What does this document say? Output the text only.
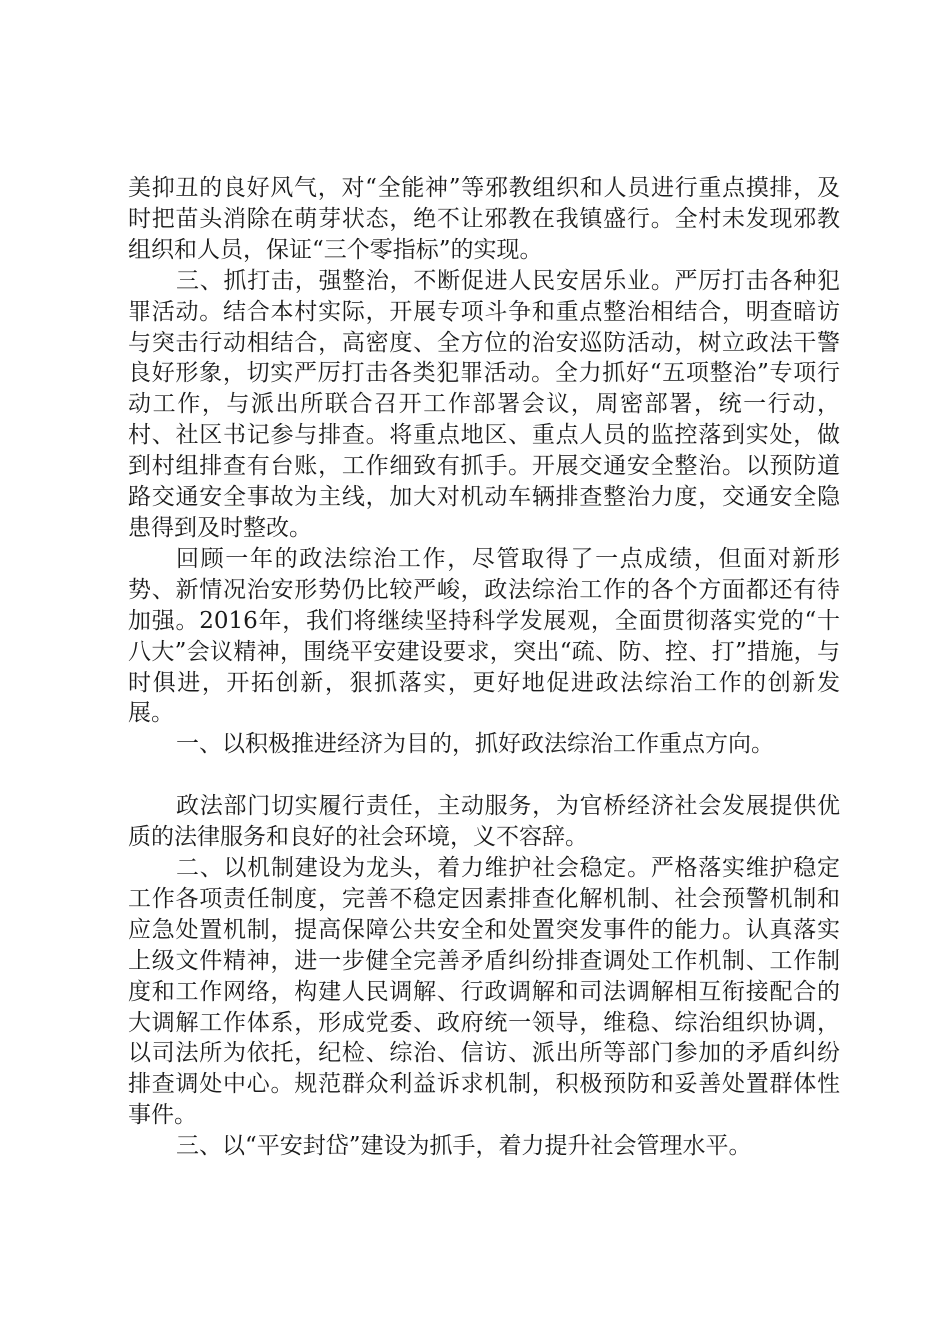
美抑丑的良好风气，对“全能神”等邪教组织和人员进行重点摸排，及时把苗头消除在萌芽状态，绝不让邪教在我镇盛行。全村未发现邪教组织和人员，保证“三个零指标”的实现。

三、抓打击，强整治，不断促进人民安居乐业。严厉打击各种犯罪活动。结合本村实际，开展专项斗争和重点整治相结合，明查暗访与突击行动相结合，高密度、全方位的治安巡防活动，树立政法干警良好形象，切实严厉打击各类犯罪活动。全力抓好“五项整治”专项行动工作，与派出所联合召开工作部署会议，周密部署，统一行动，村、社区书记参与排查。将重点地区、重点人员的监控落到实处，做到村组排查有台账，工作细致有抓手。开展交通安全整治。以预防道路交通安全事故为主线，加大对机动车辆排查整治力度，交通安全隐患得到及时整改。

回顾一年的政法综治工作，尽管取得了一点成绩，但面对新形势、新情况治安形势仍比较严峻，政法综治工作的各个方面都还有待加强。2016年，我们将继续坚持科学发展观，全面贯彻落实党的“十八大”会议精神，围绕平安建设要求，突出“疏、防、控、打”措施，与时俱进，开拓创新，狠抓落实，更好地促进政法综治工作的创新发展。

一、以积极推进经济为目的，抓好政法综治工作重点方向。

政法部门切实履行责任，主动服务，为官桥经济社会发展提供优质的法律服务和良好的社会环境，义不容辞。

二、以机制建设为龙头，着力维护社会稳定。严格落实维护稳定工作各项责任制度，完善不稳定因素排查化解机制、社会预警机制和应急处置机制，提高保障公共安全和处置突发事件的能力。认真落实上级文件精神，进一步健全完善矛盾纠纷排查调处工作机制、工作制度和工作网络，构建人民调解、行政调解和司法调解相互衔接配合的大调解工作体系，形成党委、政府统一领导，维稳、综治组织协调，以司法所为依托，纪检、综治、信访、派出所等部门参加的矛盾纠纷排查调处中心。规范群众利益诉求机制，积极预防和妥善处置群体性事件。

三、以“平安封岱”建设为抓手，着力提升社会管理水平。
